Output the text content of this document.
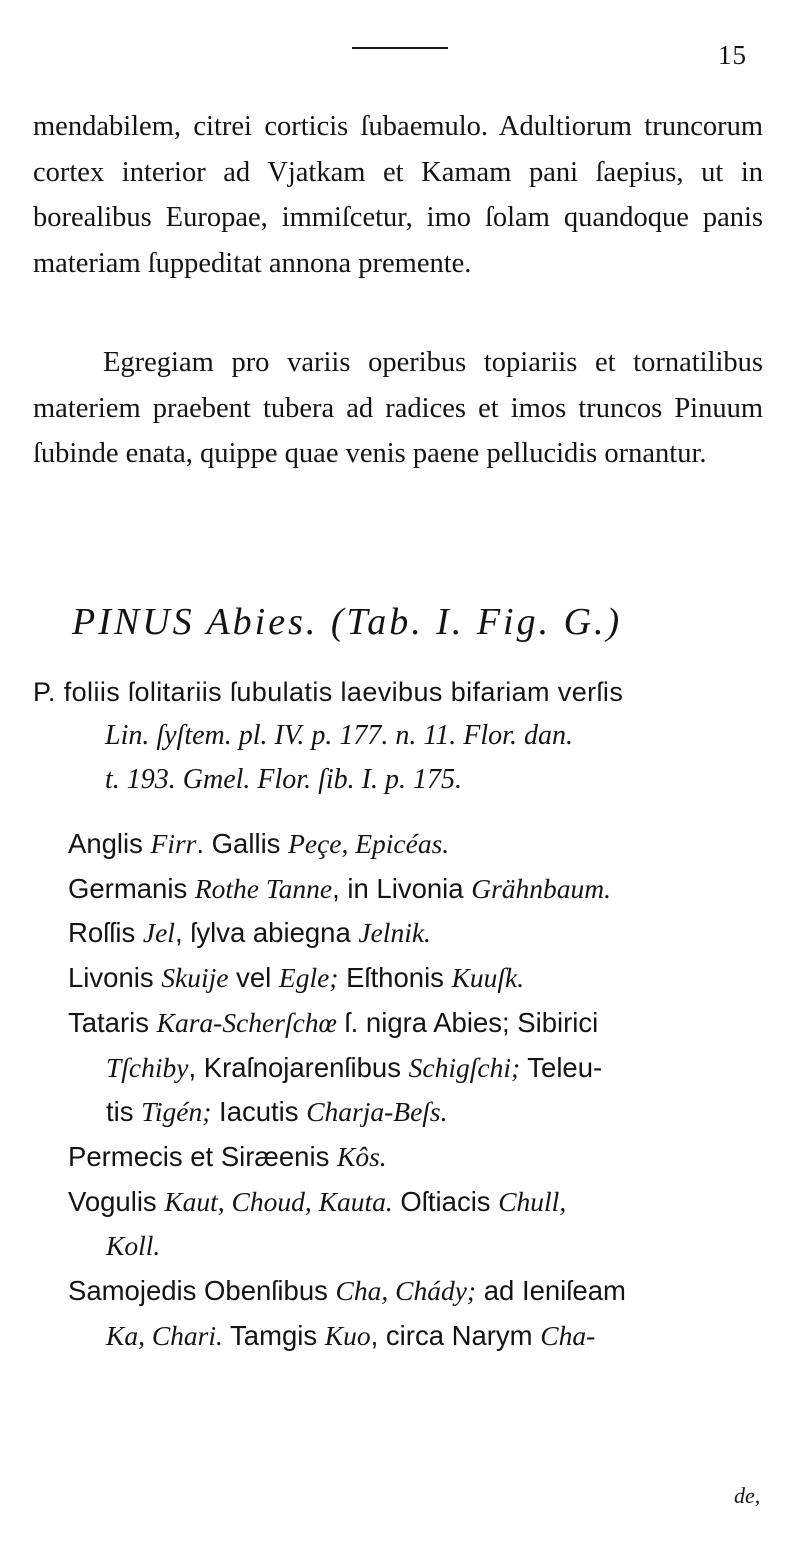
15
mendabilem, citrei corticis ſubaemulo. Adultiorum truncorum cortex interior ad Vjatkam et Kamam pani ſaepius, ut in borealibus Europae, immiſcetur, imo ſolam quandoque panis materiam ſuppeditat annona premente.
Egregiam pro variis operibus topiariis et tornatilibus materiem praebent tubera ad radices et imos truncos Pinuum ſubinde enata, quippe quae venis paene pellucidis ornantur.
PINUS Abies. (Tab. I. Fig. G.)
P. foliis ſolitariis ſubulatis laevibus bifariam verſis
Lin. ſyſtem. pl. IV. p. 177. n. 11. Flor. dan.
t. 193. Gmel. Flor. ſib. I. p. 175.
Anglis Firr. Gallis Peçe, Epicéas.
Germanis Rothe Tanne, in Livonia Grähnbaum.
Roſſis Jel, ſylva abiegna Jelnik.
Livonis Skuije vel Egle; Eſthonis Kuuſk.
Tataris Kara-Scherſchœ ſ. nigra Abies; Sibirici
Tſchiby, Kraſnojarenſibus Schigſchi; Teleu-
tis Tigén; Iacutis Charja-Beſs.
Permecis et Siræenis Kôs.
Vogulis Kaut, Choud, Kauta. Oſtiacis Chull,
Koll.
Samojedis Obenſibus Cha, Chády; ad Ieniſeam
Ka, Chari. Tamgis Kuo, circa Narym Cha-
de,
